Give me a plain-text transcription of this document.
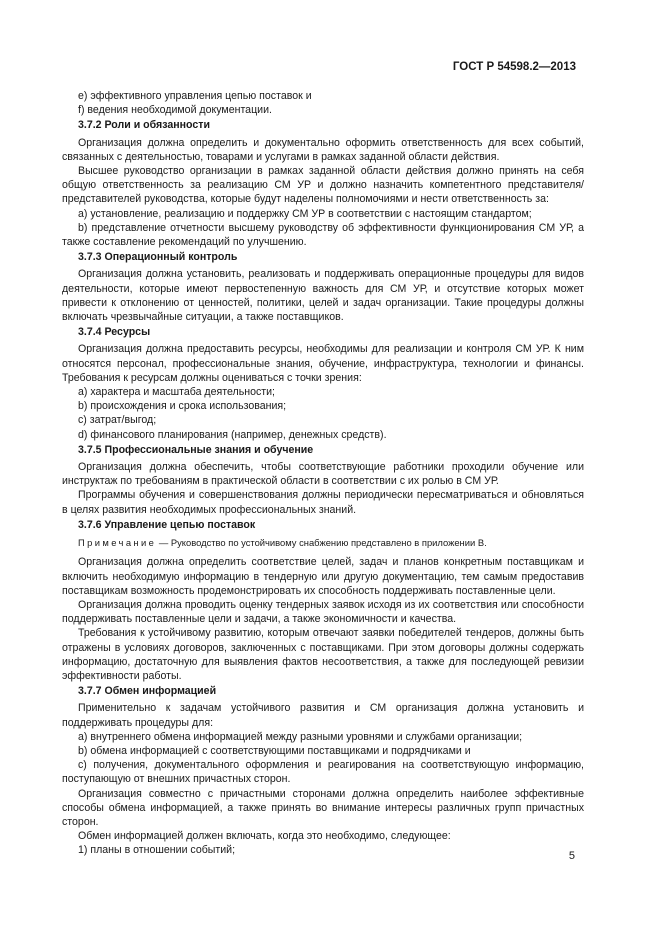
ГОСТ Р 54598.2—2013
е) эффективного управления цепью поставок и
f) ведения необходимой документации.
3.7.2 Роли и обязанности
Организация должна определить и документально оформить ответственность для всех событий, связанных с деятельностью, товарами и услугами в рамках заданной области действия.
Высшее руководство организации в рамках заданной области действия должно принять на себя общую ответственность за реализацию СМ УР и должно назначить компетентного представителя/представителей руководства, которые будут наделены полномочиями и нести ответственность за:
а) установление, реализацию и поддержку СМ УР в соответствии с настоящим стандартом;
b) представление отчетности высшему руководству об эффективности функционирования СМ УР, а также составление рекомендаций по улучшению.
3.7.3 Операционный контроль
Организация должна установить, реализовать и поддерживать операционные процедуры для видов деятельности, которые имеют первостепенную важность для СМ УР, и отсутствие которых может привести к отклонению от ценностей, политики, целей и задач организации. Такие процедуры должны включать чрезвычайные ситуации, а также поставщиков.
3.7.4 Ресурсы
Организация должна предоставить ресурсы, необходимы для реализации и контроля СМ УР. К ним относятся персонал, профессиональные знания, обучение, инфраструктура, технологии и финансы. Требования к ресурсам должны оцениваться с точки зрения:
а) характера и масштаба деятельности;
b) происхождения и срока использования;
с) затрат/выгод;
d) финансового планирования (например, денежных средств).
3.7.5 Профессиональные знания и обучение
Организация должна обеспечить, чтобы соответствующие работники проходили обучение или инструктаж по требованиям в практической области в соответствии с их ролью в СМ УР.
Программы обучения и совершенствования должны периодически пересматриваться и обновляться в целях развития необходимых профессиональных знаний.
3.7.6 Управление цепью поставок
Примечание — Руководство по устойчивому снабжению представлено в приложении В.
Организация должна определить соответствие целей, задач и планов конкретным поставщикам и включить необходимую информацию в тендерную или другую документацию, тем самым предоставив поставщикам возможность продемонстрировать их способность поддерживать поставленные цели.
Организация должна проводить оценку тендерных заявок исходя из их соответствия или способности поддерживать поставленные цели и задачи, а также экономичности и качества.
Требования к устойчивому развитию, которым отвечают заявки победителей тендеров, должны быть отражены в условиях договоров, заключенных с поставщиками. При этом договоры должны содержать информацию, достаточную для выявления фактов несоответствия, а также для последующей ревизии эффективности работы.
3.7.7 Обмен информацией
Применительно к задачам устойчивого развития и СМ организация должна установить и поддерживать процедуры для:
а) внутреннего обмена информацией между разными уровнями и службами организации;
b) обмена информацией с соответствующими поставщиками и подрядчиками и
с) получения, документального оформления и реагирования на соответствующую информацию, поступающую от внешних причастных сторон.
Организация совместно с причастными сторонами должна определить наиболее эффективные способы обмена информацией, а также принять во внимание интересы различных групп причастных сторон.
Обмен информацией должен включать, когда это необходимо, следующее:
1) планы в отношении событий;	5
